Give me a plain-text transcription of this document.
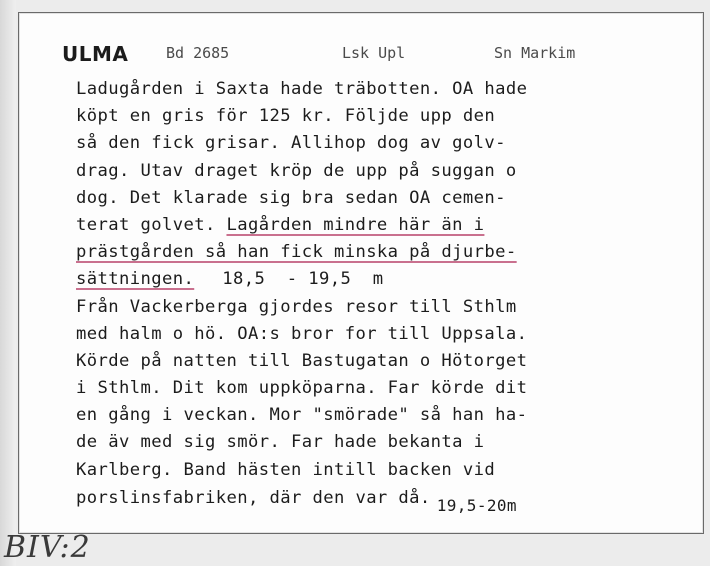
ULMA	Bd 2685	Lsk Upl	Sn Markim
Ladugården i Saxta hade träbotten. OA hade
köpt en gris för 125 kr. Följde upp den
så den fick grisar. Allihop dog av golv-
drag. Utav draget kröp de upp på suggan o
dog. Det klarade sig bra sedan OA cemen-
terat golvet. Lagården mindre här än i
prästgården så han fick minska på djurbe-
sättningen. 18,5  - 19,5  m
Från Vackerberga gjordes resor till Sthlm
med halm o hö. OA:s bror for till Uppsala.
Körde på natten till Bastugatan o Hötorget
i Sthlm. Dit kom uppköparna. Far körde dit
en gång i veckan. Mor "smörade" så han ha-
de äv med sig smör. Far hade bekanta i
Karlberg. Band hästen intill backen vid
porslinsfabriken, där den var då. 19,5-20m
BIV:2
